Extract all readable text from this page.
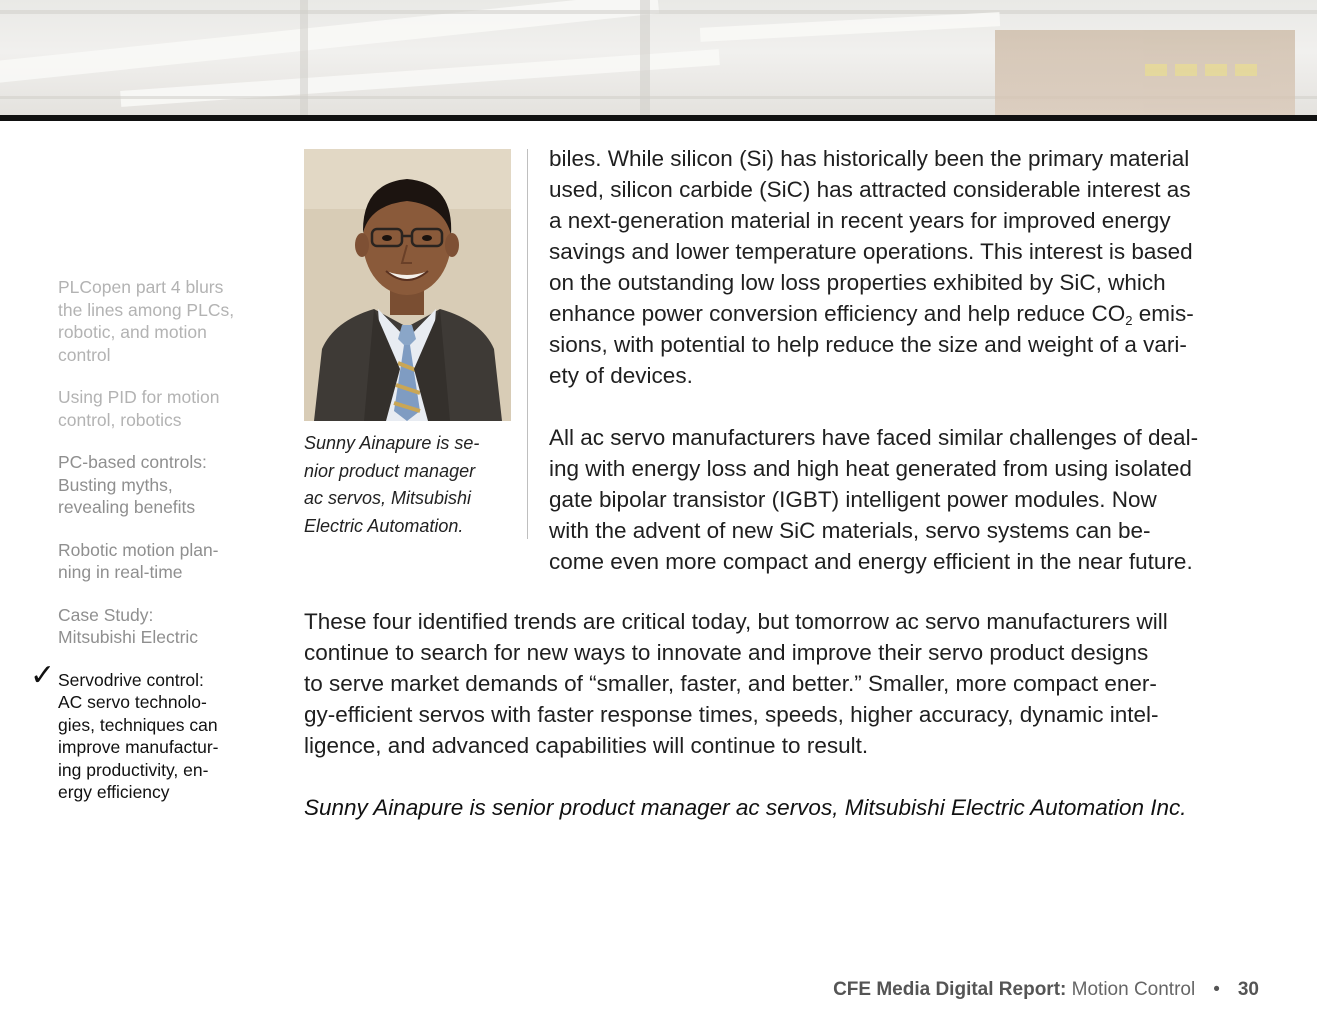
PLCopen part 4 blurs
the lines among PLCs,
robotic, and motion
control
Using PID for motion
control, robotics
PC-based controls:
Busting myths,
revealing benefits
Robotic motion plan-
ning in real-time
Case Study:
Mitsubishi Electric
✓ Servodrive control:
AC servo technolo-
gies, techniques can
improve manufactur-
ing productivity, en-
ergy efficiency
Sunny Ainapure is se-
nior product manager
ac servos, Mitsubishi
Electric Automation.

biles. While silicon (Si) has historically been the primary material

used, silicon carbide (SiC) has attracted considerable interest as

a next-generation material in recent years for improved energy

savings and lower temperature operations. This interest is based

on the outstanding low loss properties exhibited by SiC, which

enhance power conversion efficiency and help reduce $CO_2$ emis-

sions, with potential to help reduce the size and weight of a vari-

ety of devices.

All ac servo manufacturers have faced similar challenges of deal-

ing with energy loss and high heat generated from using isolated

gate bipolar transistor (IGBT) intelligent power modules. Now

with the advent of new SiC materials, servo systems can be-

come even more compact and energy efficient in the near future.

These four identified trends are critical today, but tomorrow ac servo manufacturers will

continue to search for new ways to innovate and improve their servo product designs

to serve market demands of “smaller, faster, and better.” Smaller, more compact ener-

gy-efficient servos with faster response times, speeds, higher accuracy, dynamic intel-

ligence, and advanced capabilities will continue to result.

Sunny Ainapure is senior product manager ac servos, Mitsubishi Electric Automation Inc.
CFE Media Digital Report: Motion Control • 30
